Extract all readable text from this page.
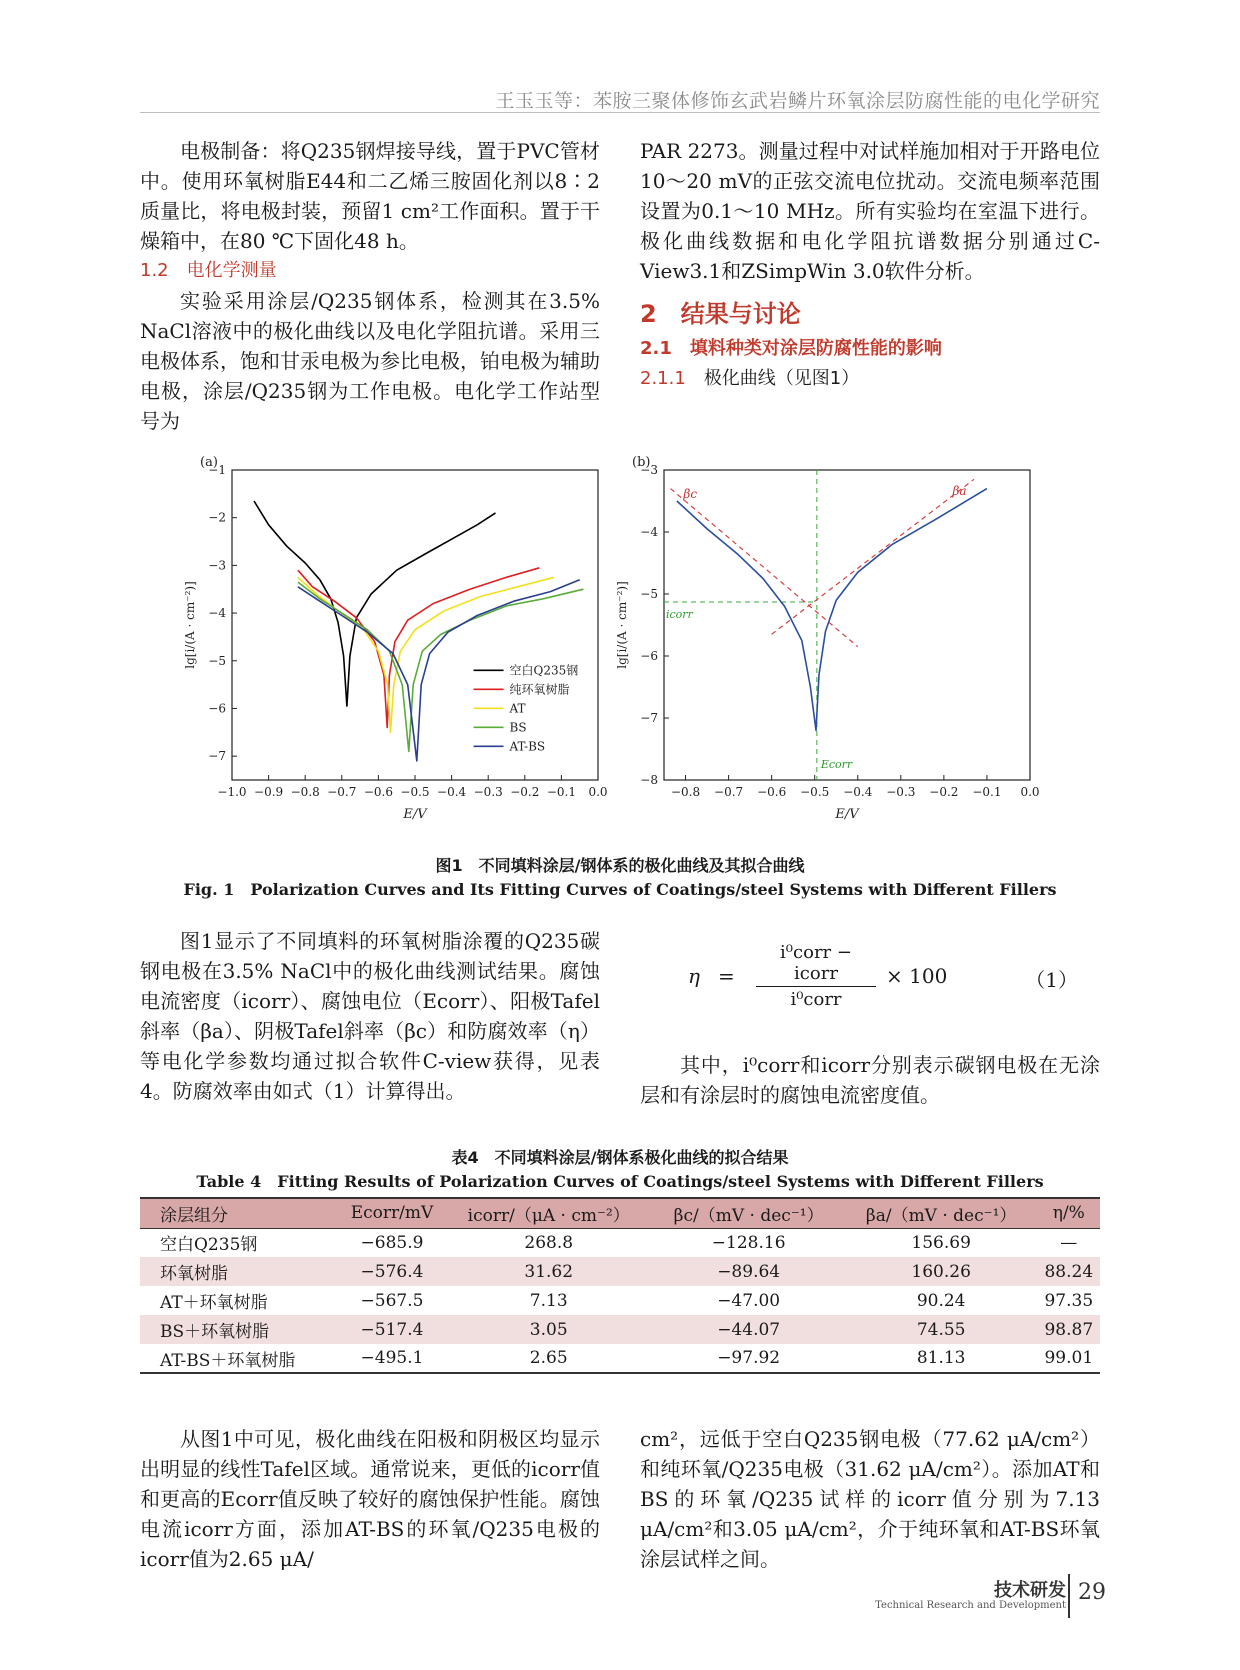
王玉玉等：苯胺三聚体修饰玄武岩鳞片环氧涂层防腐性能的电化学研究

电极制备：将Q235钢焊接导线，置于PVC管材中。使用环氧树脂E44和二乙烯三胺固化剂以8∶2质量比，将电极封装，预留1 cm²工作面积。置于干燥箱中，在80 ℃下固化48 h。

1.2　电化学测量

实验采用涂层/Q235钢体系，检测其在3.5% NaCl溶液中的极化曲线以及电化学阻抗谱。采用三电极体系，饱和甘汞电极为参比电极，铂电极为辅助电极，涂层/Q235钢为工作电极。电化学工作站型号为

PAR 2273。测量过程中对试样施加相对于开路电位10～20 mV的正弦交流电位扰动。交流电频率范围设置为0.1～10 MHz。所有实验均在室温下进行。极化曲线数据和电化学阻抗谱数据分别通过C-View3.1和ZSimpWin 3.0软件分析。

2　结果与讨论
2.1　填料种类对涂层防腐性能的影响
2.1.1　极化曲线（见图1）
(a)
−1.0 −0.9 −0.8 −0.7 −0.6 −0.5 −0.4 −0.3 −0.2 −0.1 0.0
−1
−2
−3
−4
−5
−6
−7
E/V
lg[i/(A · cm⁻²)]
空白Q235钢
纯环氧树脂
AT
BS
AT-BS
(b)
−0.8 −0.7 −0.6 −0.5 −0.4 −0.3 −0.2 −0.1 0.0
−3
−4
−5
−6
−7
−8
E/V
lg[i/(A · cm⁻²)]
βc	βa
icorr
Ecorr
图1　不同填料涂层/钢体系的极化曲线及其拟合曲线
Fig. 1　Polarization Curves and Its Fitting Curves of Coatings/steel Systems with Different Fillers

图1显示了不同填料的环氧树脂涂覆的Q235碳钢电极在3.5% NaCl中的极化曲线测试结果。腐蚀电流密度（icorr）、腐蚀电位（Ecorr）、阳极Tafel斜率（βa）、阴极Tafel斜率（βc）和防腐效率（η）等电化学参数均通过拟合软件C-view获得，见表4。防腐效率由如式（1）计算得出。

η =
i⁰corr − icorr
i⁰corr
× 100	（1）

其中，i⁰corr和icorr分别表示碳钢电极在无涂层和有涂层时的腐蚀电流密度值。

表4　不同填料涂层/钢体系极化曲线的拟合结果
Table 4　Fitting Results of Polarization Curves of Coatings/steel Systems with Different Fillers
涂层组分	Ecorr/mV	icorr/（μA · cm⁻²）	βc/（mV · dec⁻¹）	βa/（mV · dec⁻¹）	η/%
空白Q235钢	−685.9	268.8	−128.16	156.69	—
环氧树脂	−576.4	31.62	−89.64	160.26	88.24
AT＋环氧树脂	−567.5	7.13	−47.00	90.24	97.35
BS＋环氧树脂	−517.4	3.05	−44.07	74.55	98.87
AT-BS＋环氧树脂	−495.1	2.65	−97.92	81.13	99.01

从图1中可见，极化曲线在阳极和阴极区均显示出明显的线性Tafel区域。通常说来，更低的icorr值和更高的Ecorr值反映了较好的腐蚀保护性能。腐蚀电流icorr方面，添加AT-BS的环氧/Q235电极的icorr值为2.65 μA/

cm²，远低于空白Q235钢电极（77.62 μA/cm²）和纯环氧/Q235电极（31.62 μA/cm²）。添加AT和BS的环氧/Q235试样的icorr值分别为7.13 μA/cm²和3.05 μA/cm²，介于纯环氧和AT-BS环氧涂层试样之间。

技术研发
Technical Research and Development
29
